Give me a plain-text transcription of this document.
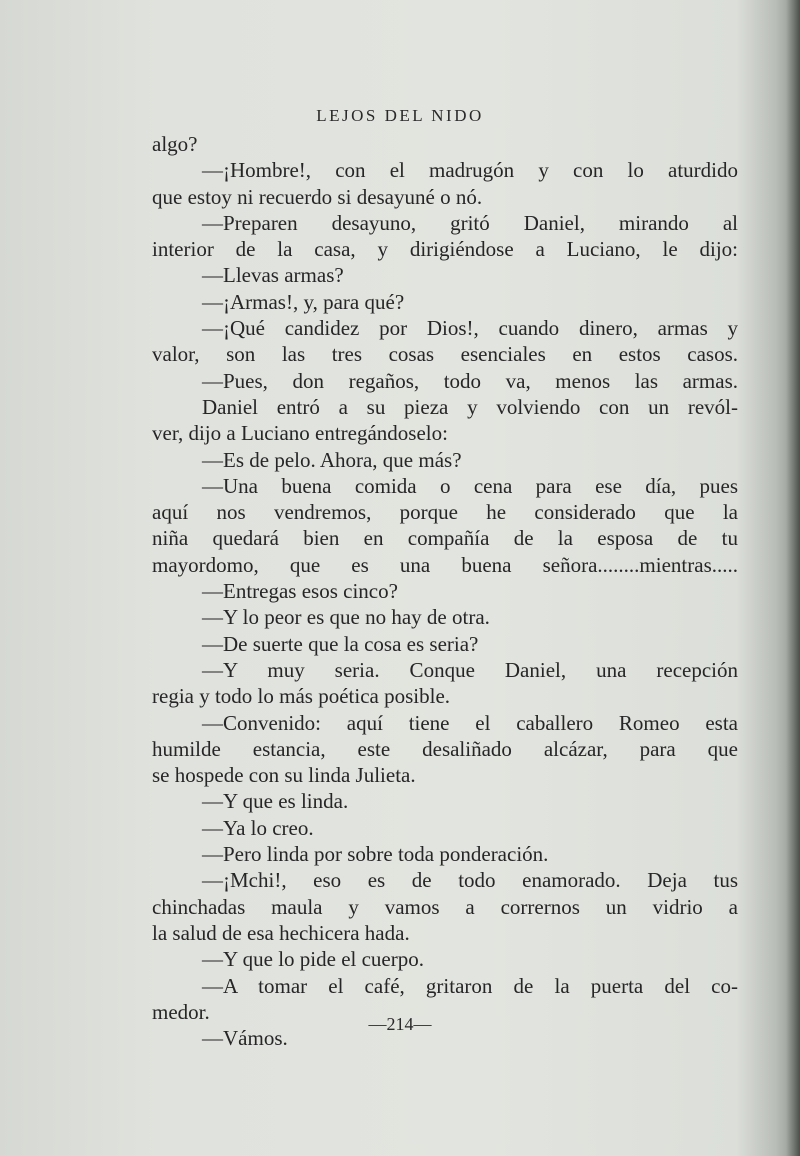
LEJOS DEL NIDO
algo?
—¡Hombre!, con el madrugón y con lo aturdido
que estoy ni recuerdo si desayuné o nó.
—Preparen desayuno, gritó Daniel, mirando al
interior de la casa, y dirigiéndose a Luciano, le dijo:
—Llevas armas?
—¡Armas!, y, para qué?
—¡Qué candidez por Dios!, cuando dinero, armas y
valor, son las tres cosas esenciales en estos casos.
—Pues, don regaños, todo va, menos las armas.
Daniel entró a su pieza y volviendo con un revól-
ver, dijo a Luciano entregándoselo:
—Es de pelo. Ahora, que más?
—Una buena comida o cena para ese día, pues
aquí nos vendremos, porque he considerado que la
niña quedará bien en compañía de la esposa de tu
mayordomo, que es una buena señora........mientras.....
—Entregas esos cinco?
—Y lo peor es que no hay de otra.
—De suerte que la cosa es seria?
—Y muy seria. Conque Daniel, una recepción
regia y todo lo más poética posible.
—Convenido: aquí tiene el caballero Romeo esta
humilde estancia, este desaliñado alcázar, para que
se hospede con su linda Julieta.
—Y que es linda.
—Ya lo creo.
—Pero linda por sobre toda ponderación.
—¡Mchi!, eso es de todo enamorado. Deja tus
chinchadas maula y vamos a corrernos un vidrio a
la salud de esa hechicera hada.
—Y que lo pide el cuerpo.
—A tomar el café, gritaron de la puerta del co-
medor.
—Vámos.
—214—
